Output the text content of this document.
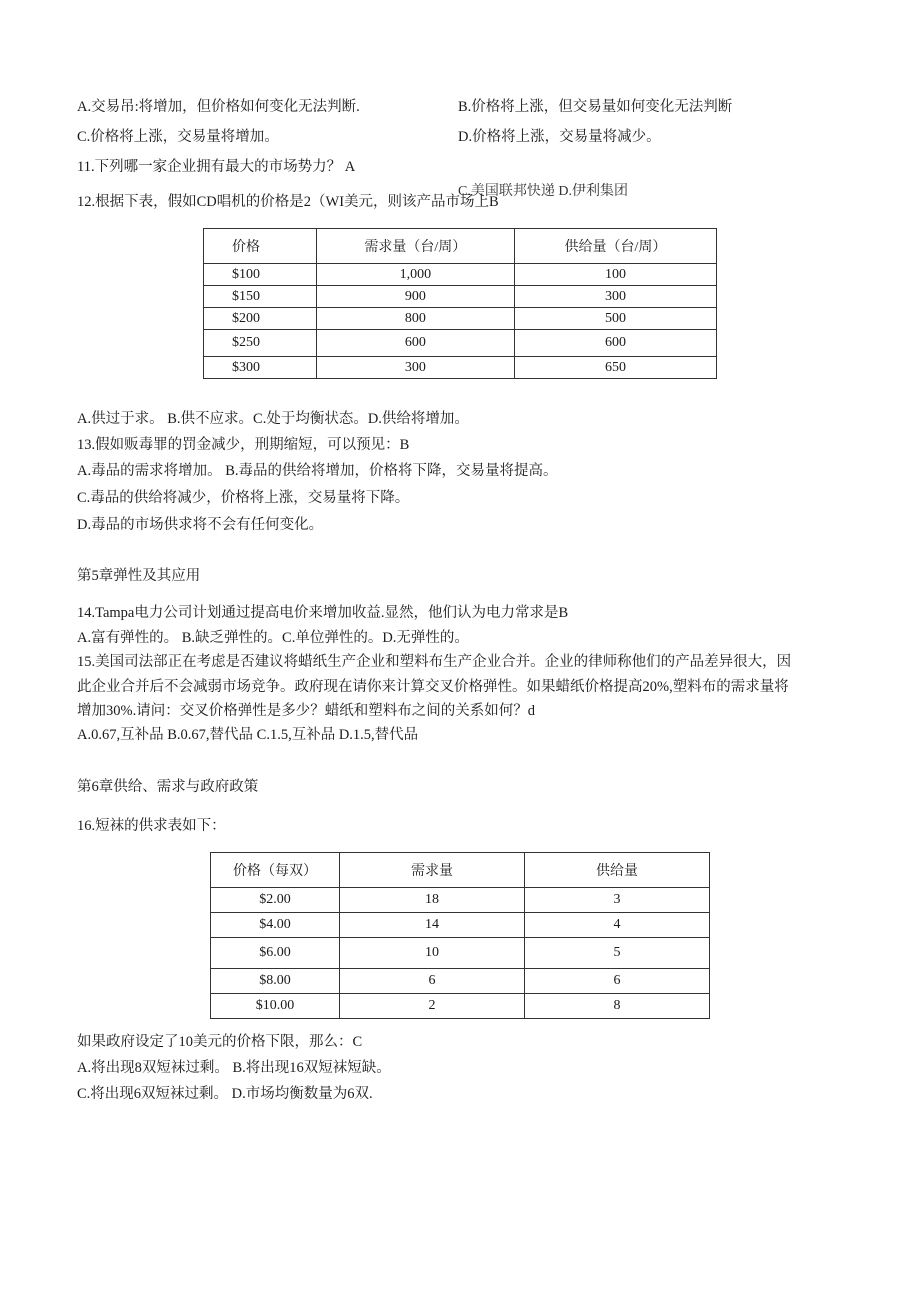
A.交易吊:将增加，但价格如何变化无法判断.	B.价格将上涨，但交易量如何变化无法判断
C.价格将上涨，交易量将增加。	D.价格将上涨，交易量将减少。
11.下列哪一家企业拥有最大的市场势力？ A
C.美国联邦快递 D.伊利集团
12.根据下表，假如CD唱机的价格是2（WI美元，则该产品市场上B
价格	需求量（台/周）	供给量（台/周）
$100	1,000	100
$150	900	300
$200	800	500
$250	600	600
$300	300	650
A.供过于求。 B.供不应求。C.处于均衡状态。D.供给将增加。
13.假如贩毒罪的罚金减少，刑期缩短，可以预见：B
A.毒品的需求将增加。 B.毒品的供给将增加，价格将下降，交易量将提高。
C.毒品的供给将减少，价格将上涨，交易量将下降。
D.毒品的市场供求将不会有任何变化。
第5章弹性及其应用
14.Tampa电力公司计划通过提高电价来增加收益.显然，他们认为电力常求是B
A.富有弹性的。 B.缺乏弹性的。C.单位弹性的。D.无弹性的。
15.美国司法部正在考虑是否建议将蜡纸生产企业和塑料布生产企业合并。企业的律师称他们的产品差异很大，因
此企业合并后不会减弱市场竞争。政府现在请你来计算交叉价格弹性。如果蜡纸价格提高20%,塑料布的需求量将
增加30%.请问：交叉价格弹性是多少？蜡纸和塑料布之间的关系如何？d
A.0.67,互补品 B.0.67,替代品 C.1.5,互补品 D.1.5,替代品
第6章供给、需求与政府政策
16.短袜的供求表如下：
价格（每双）	需求量	供给量
$2.00	18	3
$4.00	14	4
$6.00	10	5
$8.00	6	6
$10.00	2	8
如果政府设定了10美元的价格下限，那么：C
A.将出现8双短袜过剩。 B.将出现16双短袜短缺。
C.将出现6双短袜过剩。 D.市场均衡数量为6双.
